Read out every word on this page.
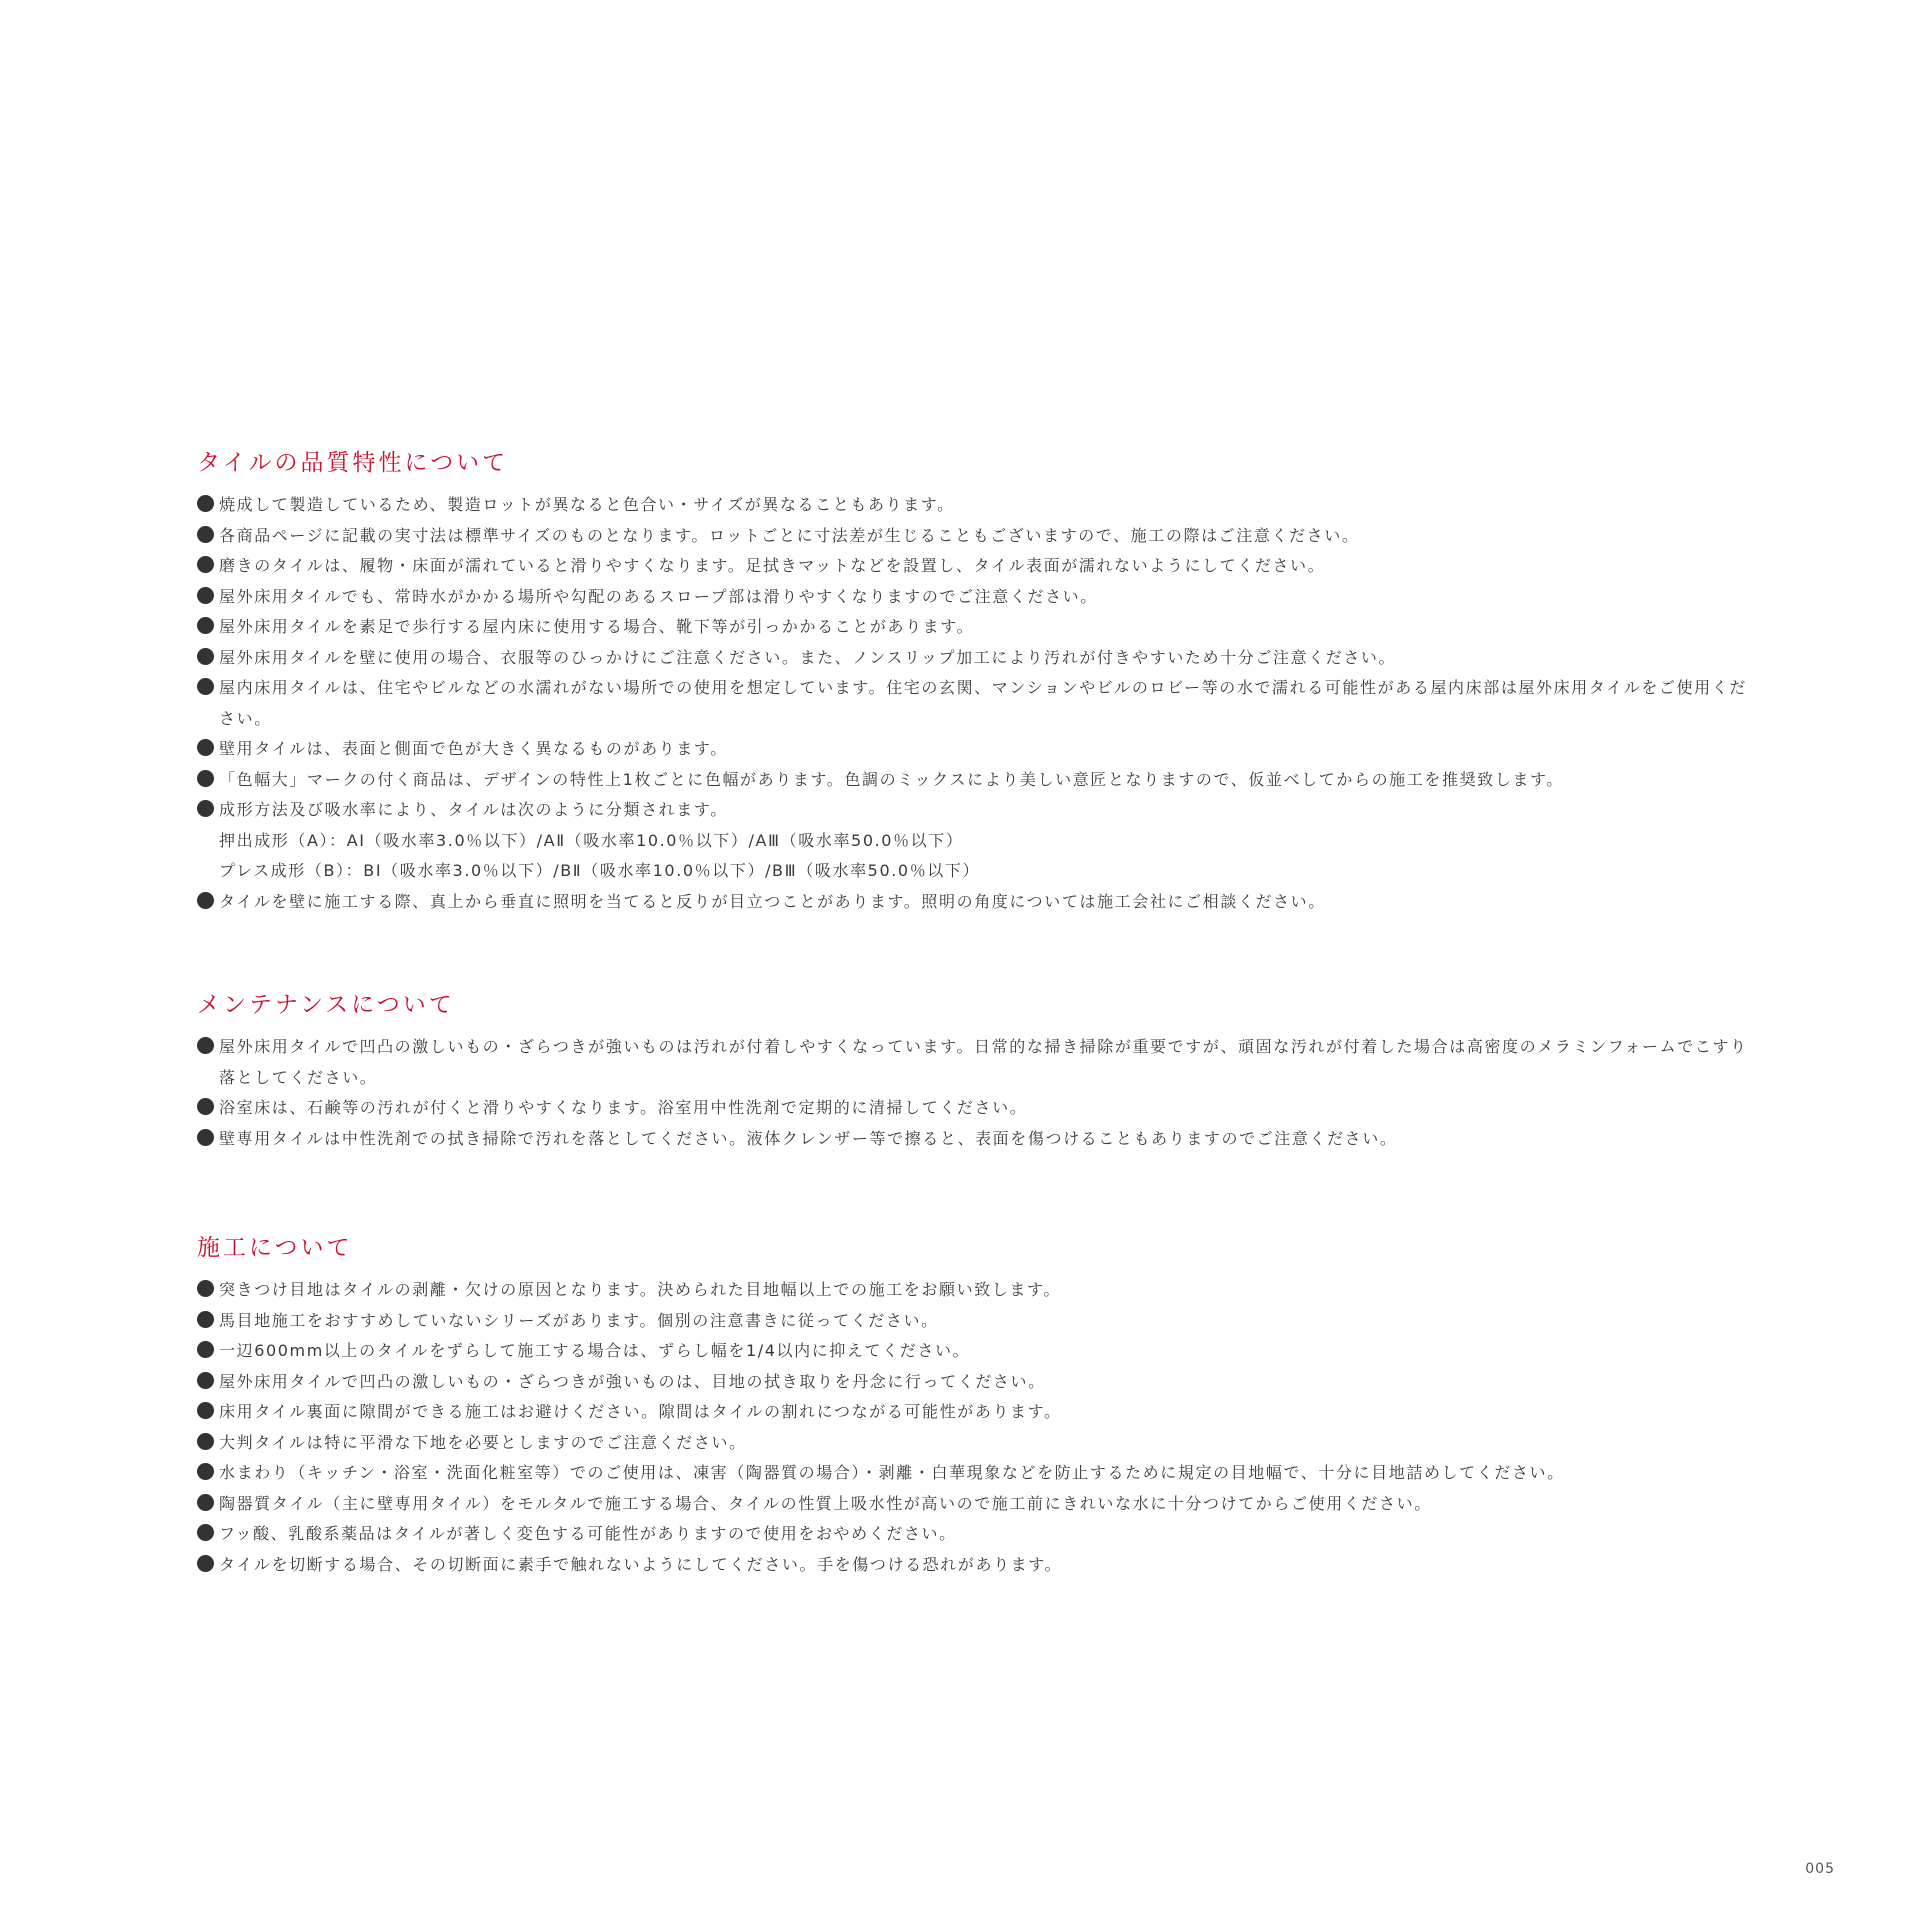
タイルの品質特性について
焼成して製造しているため、製造ロットが異なると色合い・サイズが異なることもあります。
各商品ページに記載の実寸法は標準サイズのものとなります。ロットごとに寸法差が生じることもございますので、施工の際はご注意ください。
磨きのタイルは、履物・床面が濡れていると滑りやすくなります。足拭きマットなどを設置し、タイル表面が濡れないようにしてください。
屋外床用タイルでも、常時水がかかる場所や勾配のあるスロープ部は滑りやすくなりますのでご注意ください。
屋外床用タイルを素足で歩行する屋内床に使用する場合、靴下等が引っかかることがあります。
屋外床用タイルを壁に使用の場合、衣服等のひっかけにご注意ください。また、ノンスリップ加工により汚れが付きやすいため十分ご注意ください。
屋内床用タイルは、住宅やビルなどの水濡れがない場所での使用を想定しています。住宅の玄関、マンションやビルのロビー等の水で濡れる可能性がある屋内床部は屋外床用タイルをご使用ください。
壁用タイルは、表面と側面で色が大きく異なるものがあります。
「色幅大」マークの付く商品は、デザインの特性上1枚ごとに色幅があります。色調のミックスにより美しい意匠となりますので、仮並べしてからの施工を推奨致します。
成形方法及び吸水率により、タイルは次のように分類されます。
押出成形（A）：AⅠ（吸水率3.0％以下）/AⅡ（吸水率10.0％以下）/AⅢ（吸水率50.0％以下）
プレス成形（B）：BⅠ（吸水率3.0％以下）/BⅡ（吸水率10.0％以下）/BⅢ（吸水率50.0％以下）
タイルを壁に施工する際、真上から垂直に照明を当てると反りが目立つことがあります。照明の角度については施工会社にご相談ください。
メンテナンスについて
屋外床用タイルで凹凸の激しいもの・ざらつきが強いものは汚れが付着しやすくなっています。日常的な掃き掃除が重要ですが、頑固な汚れが付着した場合は高密度のメラミンフォームでこすり落としてください。
浴室床は、石鹸等の汚れが付くと滑りやすくなります。浴室用中性洗剤で定期的に清掃してください。
壁専用タイルは中性洗剤での拭き掃除で汚れを落としてください。液体クレンザー等で擦ると、表面を傷つけることもありますのでご注意ください。
施工について
突きつけ目地はタイルの剥離・欠けの原因となります。決められた目地幅以上での施工をお願い致します。
馬目地施工をおすすめしていないシリーズがあります。個別の注意書きに従ってください。
一辺600mm以上のタイルをずらして施工する場合は、ずらし幅を1/4以内に抑えてください。
屋外床用タイルで凹凸の激しいもの・ざらつきが強いものは、目地の拭き取りを丹念に行ってください。
床用タイル裏面に隙間ができる施工はお避けください。隙間はタイルの割れにつながる可能性があります。
大判タイルは特に平滑な下地を必要としますのでご注意ください。
水まわり（キッチン・浴室・洗面化粧室等）でのご使用は、凍害（陶器質の場合）・剥離・白華現象などを防止するために規定の目地幅で、十分に目地詰めしてください。
陶器質タイル（主に壁専用タイル）をモルタルで施工する場合、タイルの性質上吸水性が高いので施工前にきれいな水に十分つけてからご使用ください。
フッ酸、乳酸系薬品はタイルが著しく変色する可能性がありますので使用をおやめください。
タイルを切断する場合、その切断面に素手で触れないようにしてください。手を傷つける恐れがあります。
005
